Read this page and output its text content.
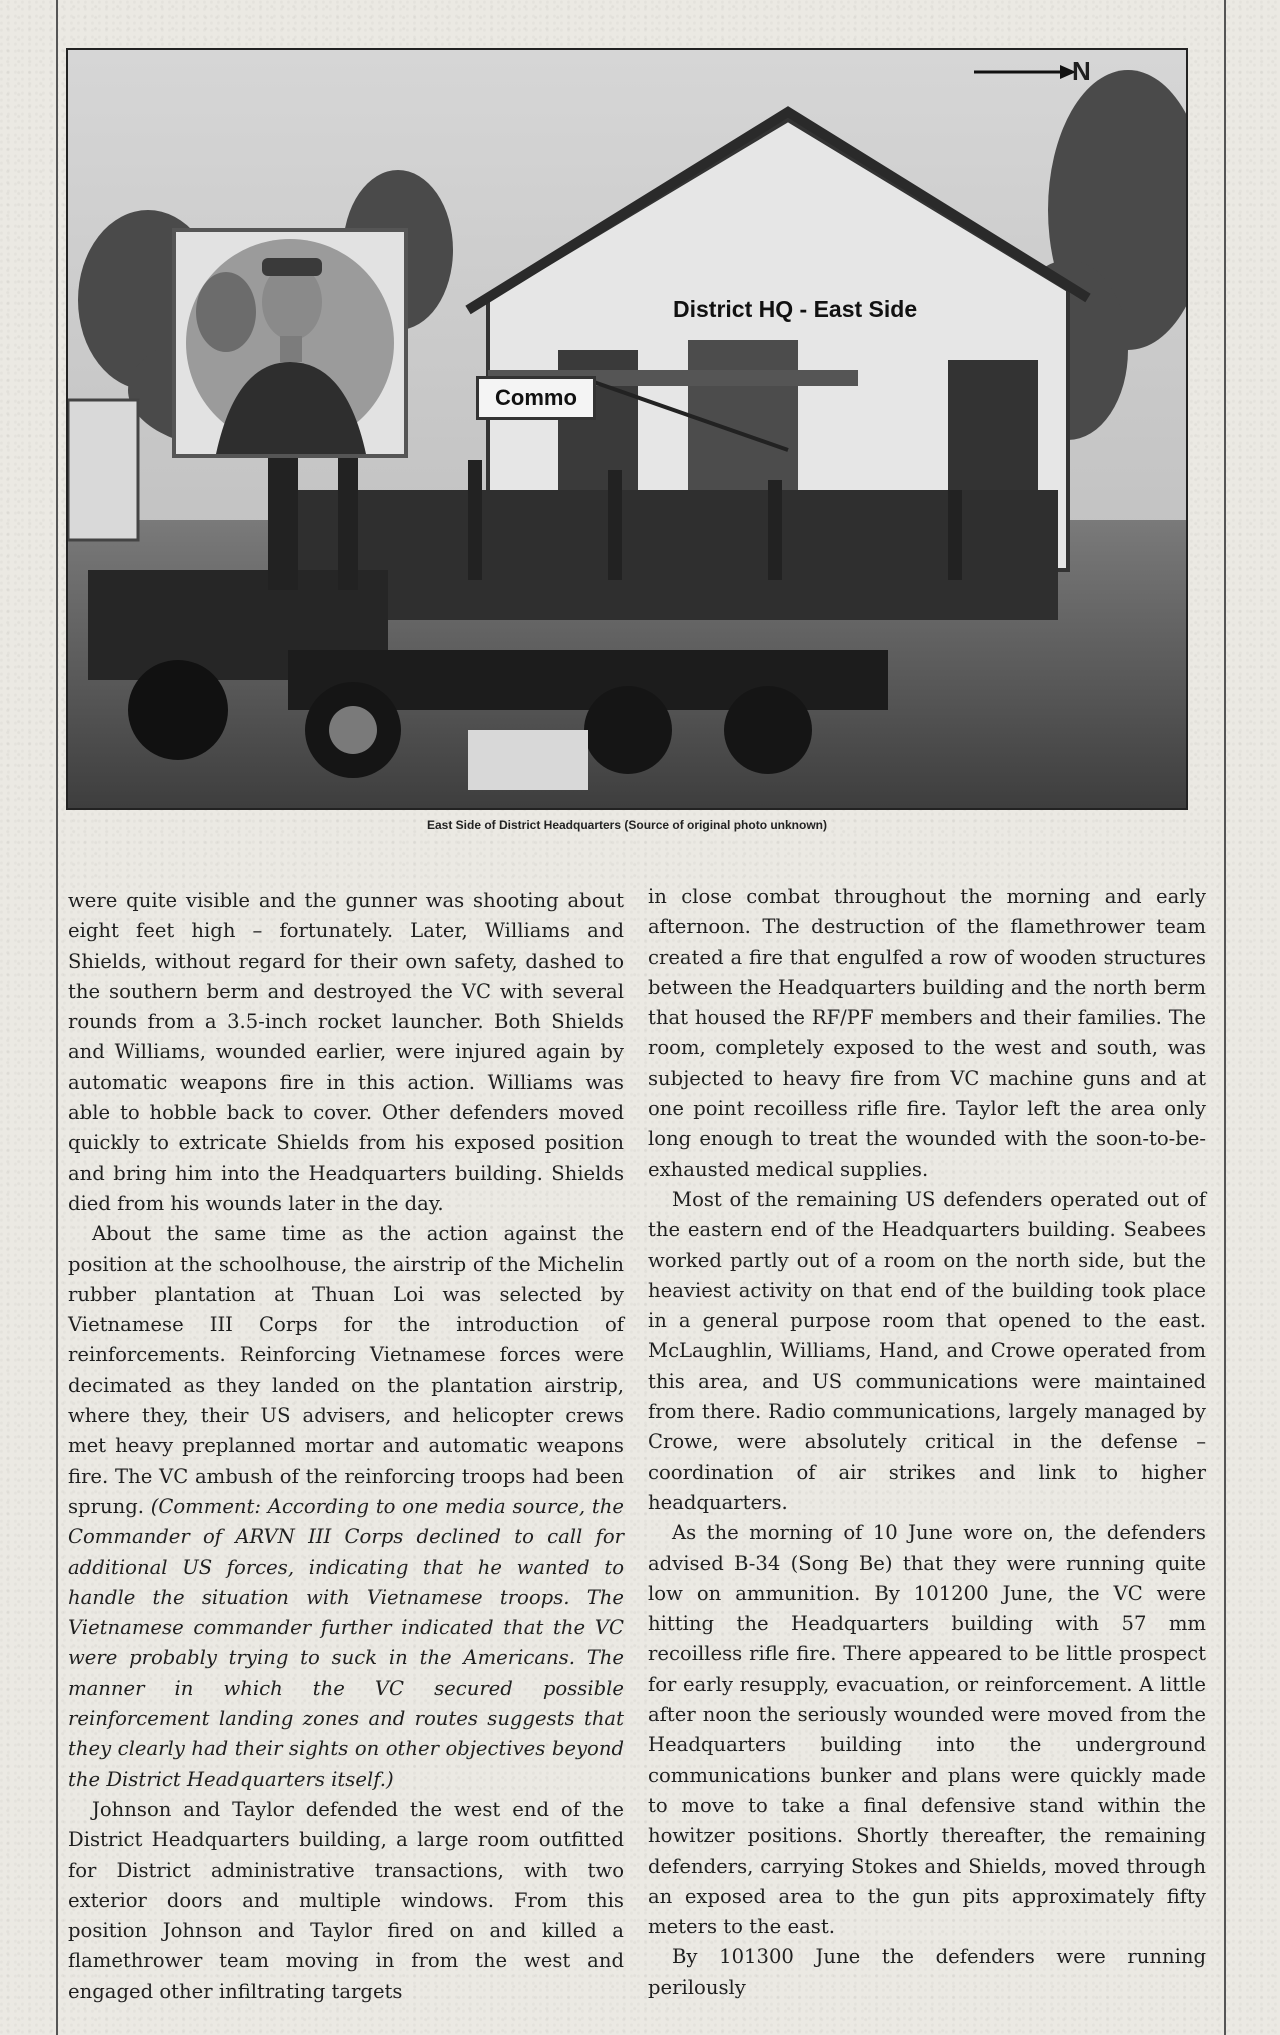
District HQ - East Side
Commo
N
East Side of District Headquarters (Source of original photo unknown)

were quite visible and the gunner was shooting about eight feet high – fortunately. Later, Williams and Shields, without regard for their own safety, dashed to the southern berm and destroyed the VC with several rounds from a 3.5-inch rocket launcher. Both Shields and Williams, wounded earlier, were injured again by automatic weapons fire in this action. Williams was able to hobble back to cover. Other defenders moved quickly to extricate Shields from his exposed position and bring him into the Headquarters building. Shields died from his wounds later in the day.

About the same time as the action against the position at the schoolhouse, the airstrip of the Michelin rubber plantation at Thuan Loi was selected by Vietnamese III Corps for the introduction of reinforcements. Reinforcing Vietnamese forces were decimated as they landed on the plantation airstrip, where they, their US advisers, and helicopter crews met heavy preplanned mortar and automatic weapons fire. The VC ambush of the reinforcing troops had been sprung. (Comment: According to one media source, the Commander of ARVN III Corps declined to call for additional US forces, indicating that he wanted to handle the situation with Vietnamese troops. The Vietnamese commander further indicated that the VC were probably trying to suck in the Americans. The manner in which the VC secured possible reinforcement landing zones and routes suggests that they clearly had their sights on other objectives beyond the District Headquarters itself.)

Johnson and Taylor defended the west end of the District Headquarters building, a large room outfitted for District administrative transactions, with two exterior doors and multiple windows. From this position Johnson and Taylor fired on and killed a flamethrower team moving in from the west and engaged other infiltrating targets

in close combat throughout the morning and early afternoon. The destruction of the flamethrower team created a fire that engulfed a row of wooden structures between the Headquarters building and the north berm that housed the RF/PF members and their families. The room, completely exposed to the west and south, was subjected to heavy fire from VC machine guns and at one point recoilless rifle fire. Taylor left the area only long enough to treat the wounded with the soon-to-be-exhausted medical supplies.

Most of the remaining US defenders operated out of the eastern end of the Headquarters building. Seabees worked partly out of a room on the north side, but the heaviest activity on that end of the building took place in a general purpose room that opened to the east. McLaughlin, Williams, Hand, and Crowe operated from this area, and US communications were maintained from there. Radio communications, largely managed by Crowe, were absolutely critical in the defense – coordination of air strikes and link to higher headquarters.

As the morning of 10 June wore on, the defenders advised B-34 (Song Be) that they were running quite low on ammunition. By 101200 June, the VC were hitting the Headquarters building with 57 mm recoilless rifle fire. There appeared to be little prospect for early resupply, evacuation, or reinforcement. A little after noon the seriously wounded were moved from the Headquarters building into the underground communications bunker and plans were quickly made to move to take a final defensive stand within the howitzer positions. Shortly thereafter, the remaining defenders, carrying Stokes and Shields, moved through an exposed area to the gun pits approximately fifty meters to the east.

By 101300 June the defenders were running perilously
